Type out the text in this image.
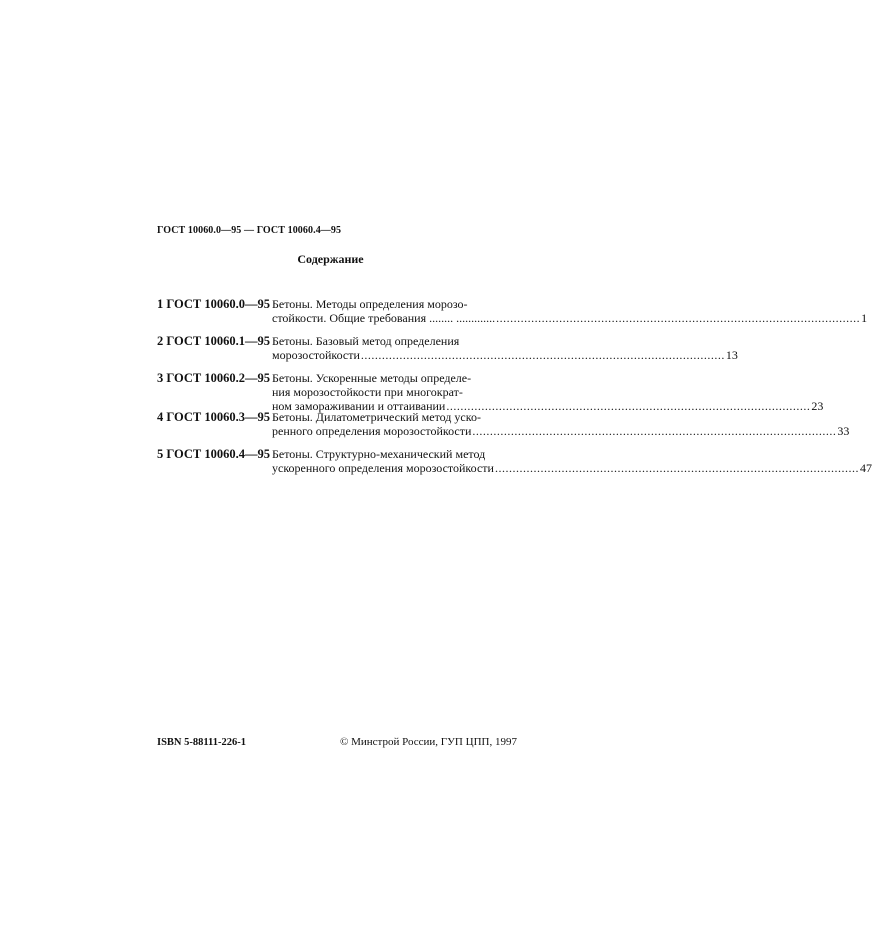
ГОСТ 10060.0—95 — ГОСТ 10060.4—95
Содержание
1 ГОСТ 10060.0—95 Бетоны. Методы определения морозо-
стойкости. Общие требования ........ ............. ........................................................................................................ 1
2 ГОСТ 10060.1—95 Бетоны. Базовый метод определения
морозостойкости ........................................................................................................ 13
3 ГОСТ 10060.2—95 Бетоны. Ускоренные методы определе-
ния морозостойкости при многократ-
ном замораживании и оттаивании ........................................................................................................ 23
4 ГОСТ 10060.3—95 Бетоны. Дилатометрический метод уско-
ренного определения морозостойкости ........................................................................................................ 33
5 ГОСТ 10060.4—95 Бетоны. Структурно-механический метод
ускоренного определения морозостойкости ........................................................................................................ 47
ISBN 5-88111-226-1	© Минстрой России, ГУП ЦПП, 1997
